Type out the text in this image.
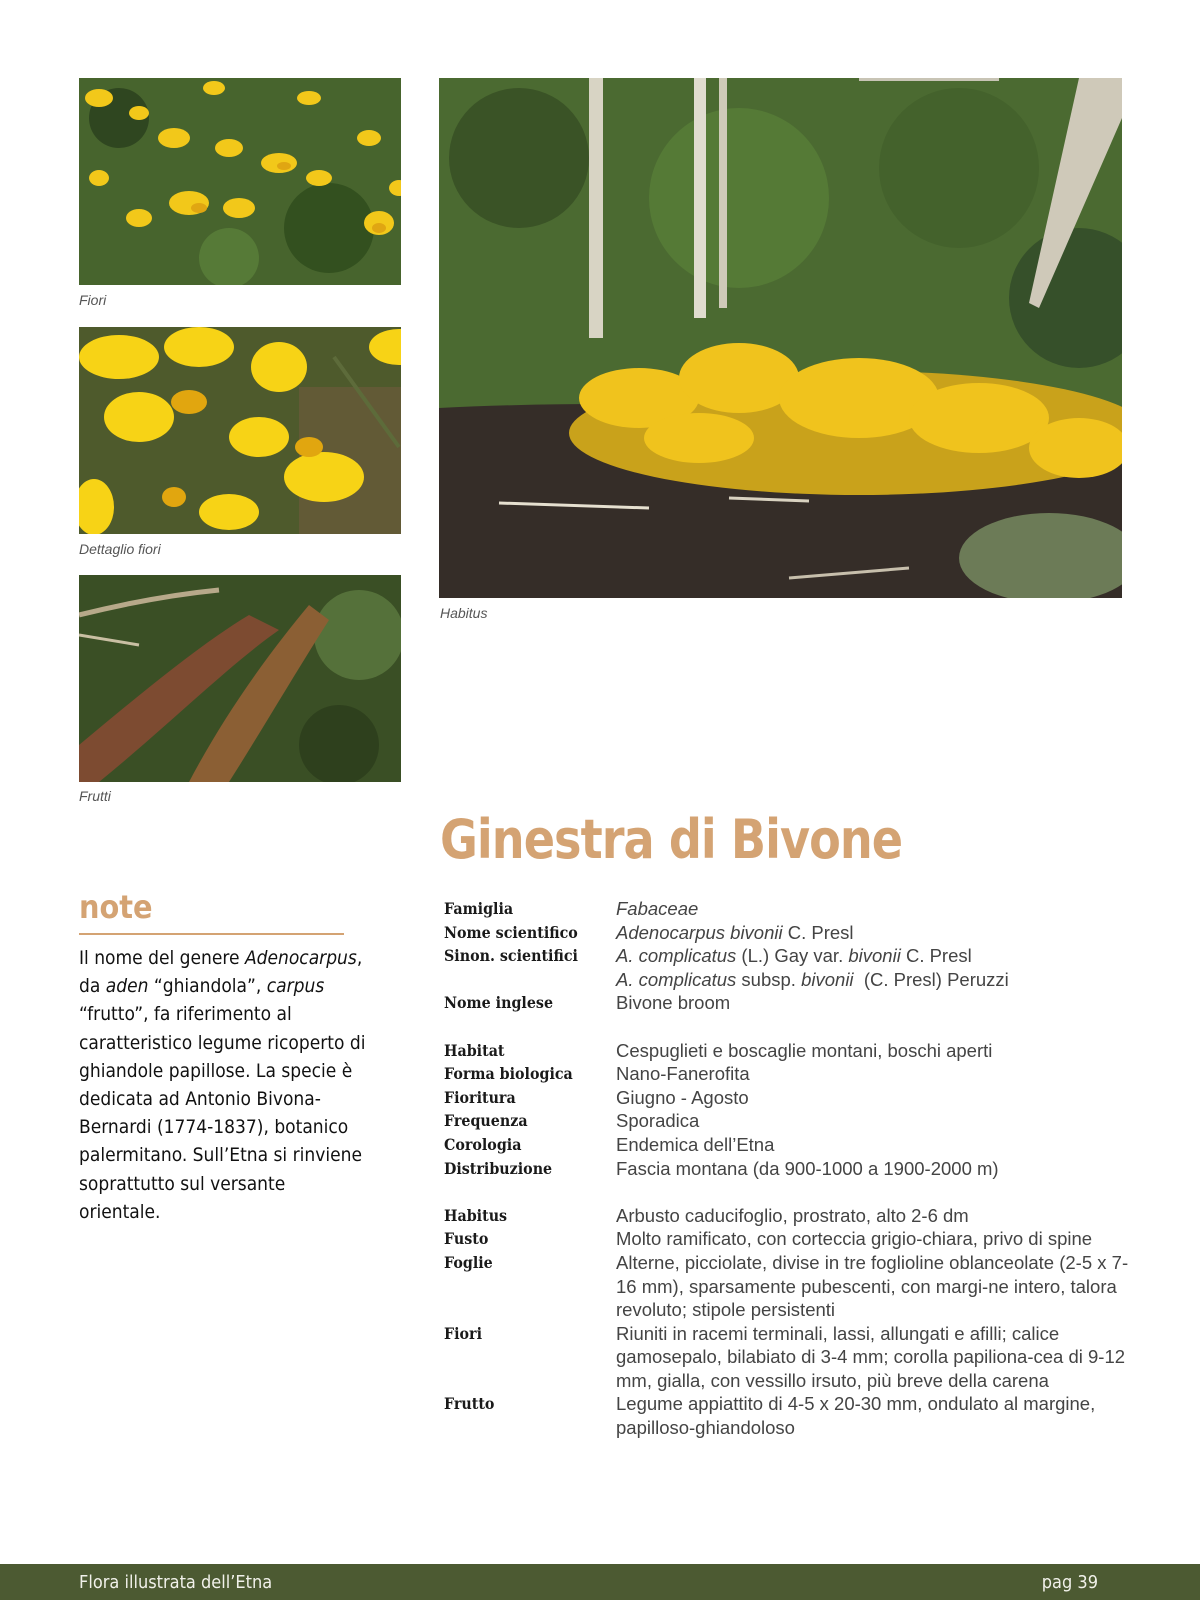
Fiori
Dettaglio fiori
Frutti
Habitus
Ginestra di Bivone
note

Il nome del genere Adenocarpus, da aden “ghiandola”, carpus “frutto”, fa riferimento al caratteristico legume ricoperto di ghiandole papillose. La specie è dedicata ad Antonio Bivona-Bernardi (1774-1837), botanico palermitano. Sull’Etna si rinviene soprattutto sul versante orientale.

Famiglia	Fabaceae
Nome scientifico	Adenocarpus bivonii C. Presl
Sinon. scientifici	A. complicatus (L.) Gay var. bivonii C. Presl
A. complicatus subsp. bivonii  (C. Presl) Peruzzi
Nome inglese	Bivone broom
Habitat	Cespuglieti e boscaglie montani, boschi aperti
Forma biologica	Nano-Fanerofita
Fioritura	Giugno - Agosto
Frequenza	Sporadica
Corologia	Endemica dell’Etna
Distribuzione	Fascia montana (da 900-1000 a 1900-2000 m)
Habitus	Arbusto caducifoglio, prostrato, alto 2-6 dm
Fusto	Molto ramificato, con corteccia grigio-chiara, privo di spine
Foglie	Alterne, picciolate, divise in tre foglioline oblanceolate (2-5 x 7-16 mm), sparsamente pubescenti, con margi-ne intero, talora revoluto; stipole persistenti
Fiori	Riuniti in racemi terminali, lassi, allungati e afilli; calice gamosepalo, bilabiato di 3-4 mm; corolla papiliona-cea di 9-12 mm, gialla, con vessillo irsuto, più breve della carena
Frutto	Legume appiattito di 4-5 x 20-30 mm, ondulato al margine, papilloso-ghiandoloso
Flora illustrata dell’Etna	pag 39
